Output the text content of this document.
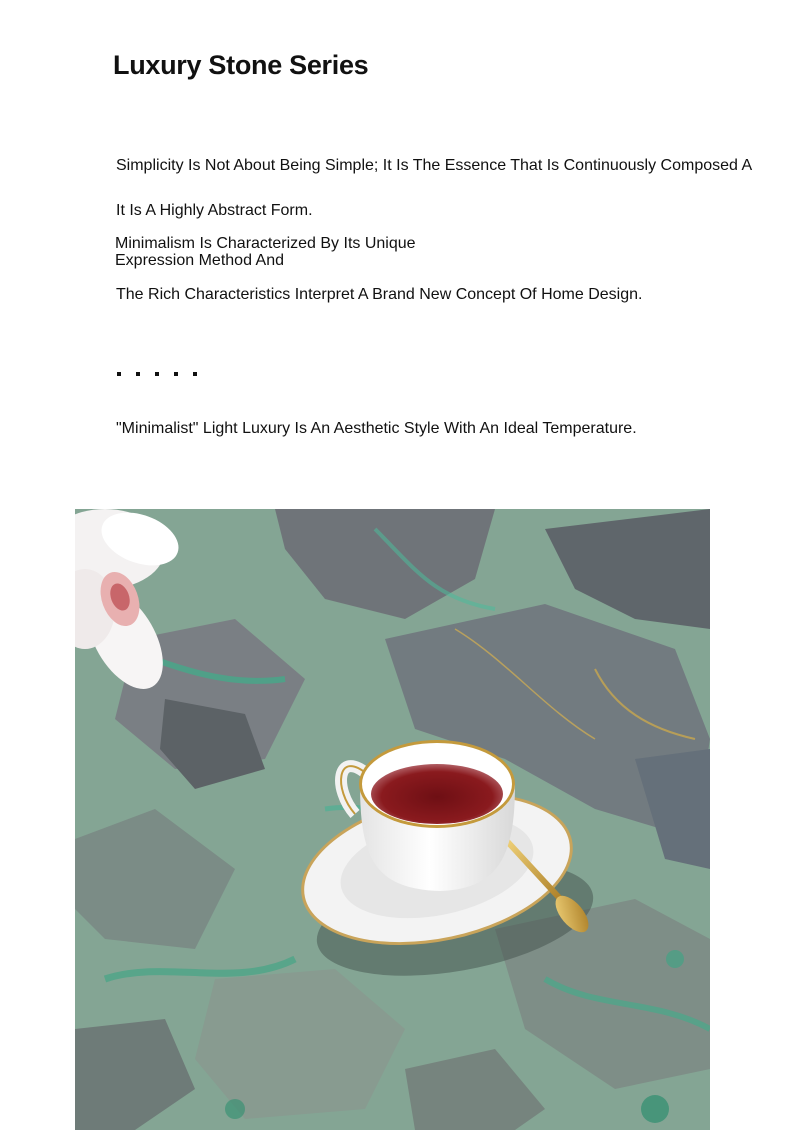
Luxury Stone Series
Simplicity Is Not About Being Simple; It Is The Essence That Is Continuously Composed A
It Is A Highly Abstract Form.
Minimalism Is Characterized By Its Unique
Expression Method And
The Rich Characteristics Interpret A Brand New Concept Of Home Design.
"Minimalist" Light Luxury Is An Aesthetic Style With An Ideal Temperature.
